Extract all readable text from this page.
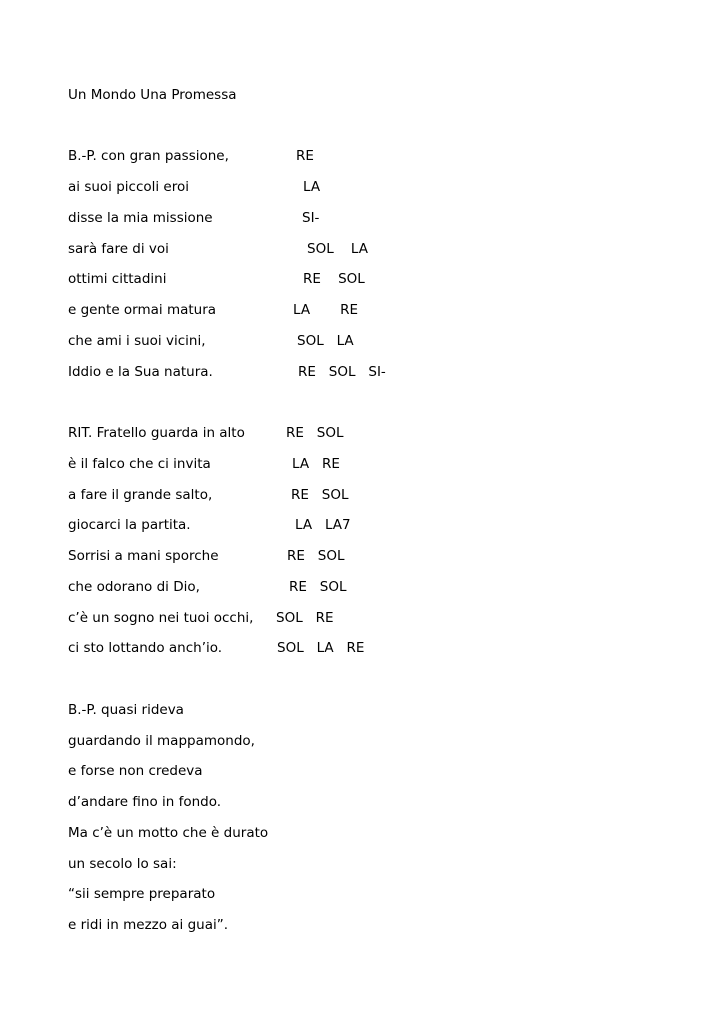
Un Mondo Una Promessa
B.-P. con gran passione,	RE
ai suoi piccoli eroi	LA
disse la mia missione	SI-
sarà fare di voi	SOL    LA
ottimi cittadini	RE    SOL
e gente ormai matura	LA       RE
che ami i suoi vicini,	SOL   LA
Iddio e la Sua natura.	RE   SOL   SI-
RIT. Fratello guarda in alto	RE   SOL
è il falco che ci invita	LA   RE
a fare il grande salto,	RE   SOL
giocarci la partita.	LA   LA7
Sorrisi a mani sporche	RE   SOL
che odorano di Dio,	RE   SOL
c’è un sogno nei tuoi occhi, SOL   RE
ci sto lottando anch’io.	SOL   LA   RE
B.-P. quasi rideva
guardando il mappamondo,
e forse non credeva
d’andare fino in fondo.
Ma c’è un motto che è durato
un secolo lo sai:
“sii sempre preparato
e ridi in mezzo ai guai”.
